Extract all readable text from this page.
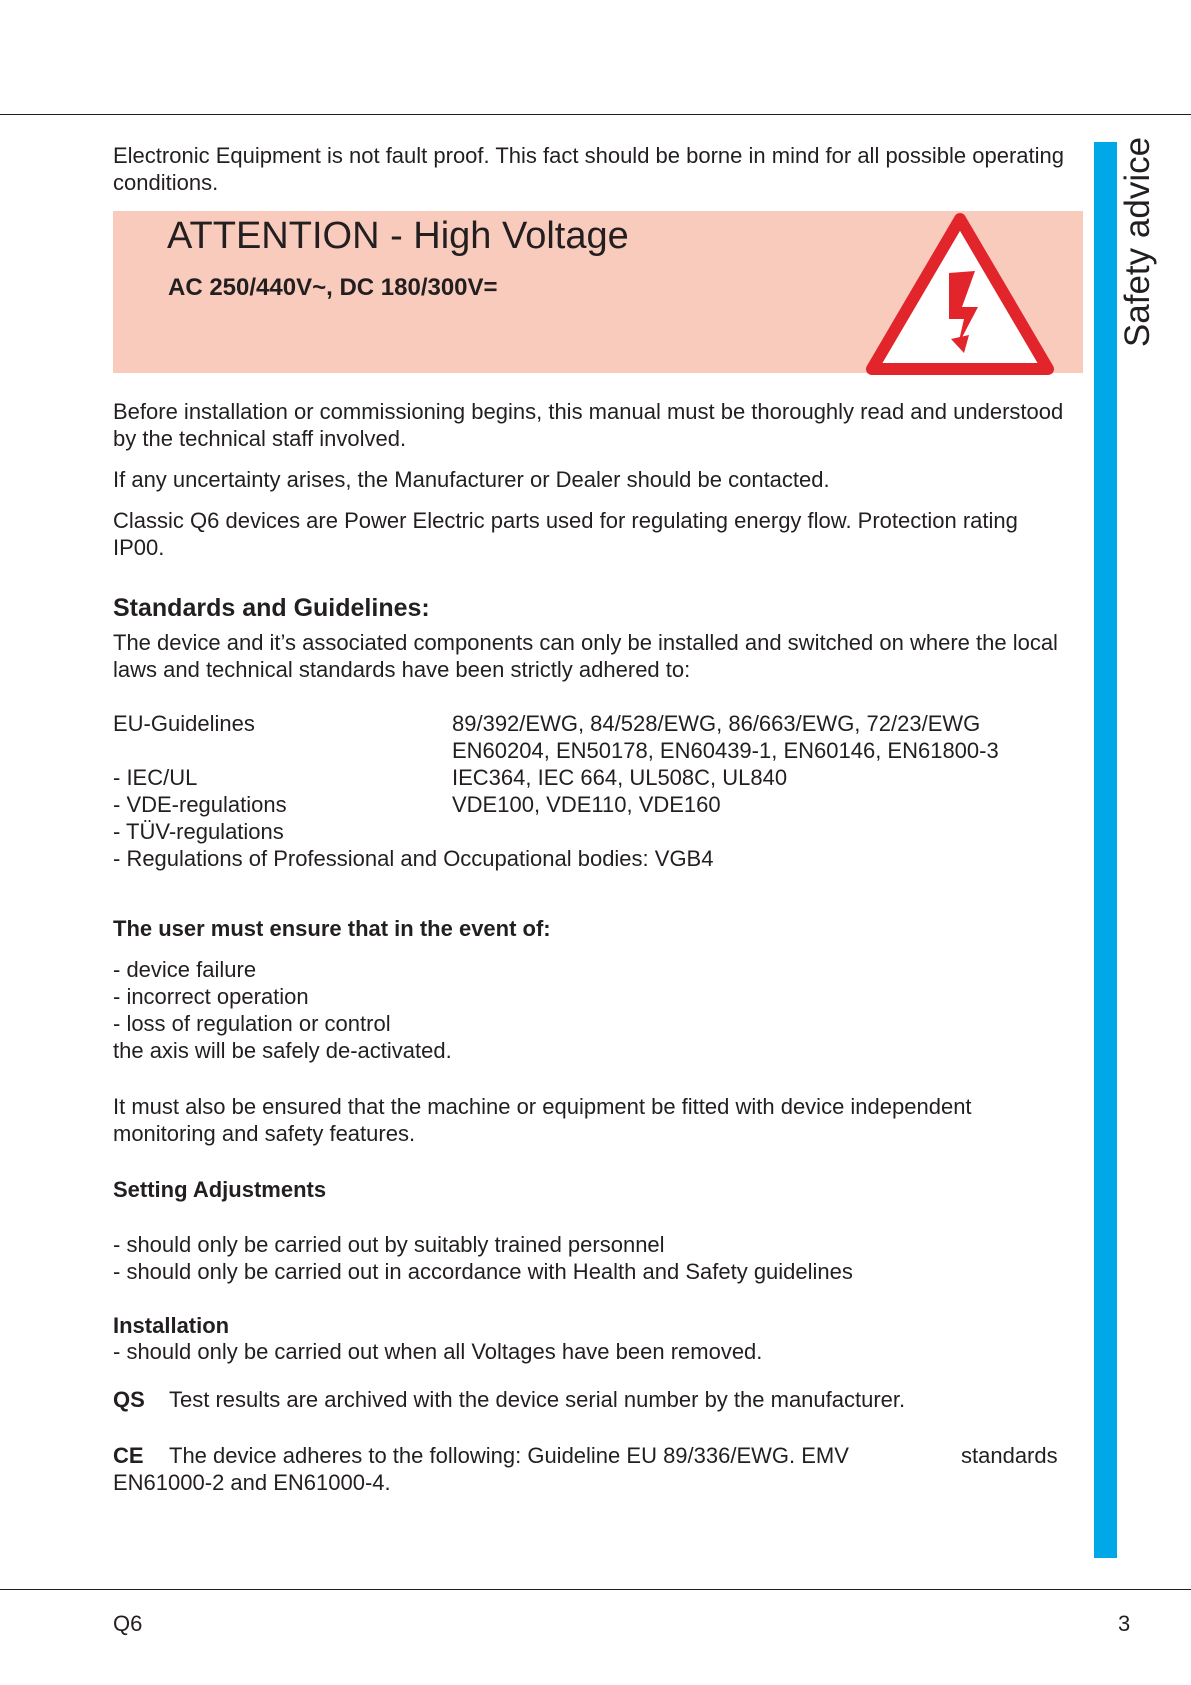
Safety advice

Electronic Equipment is not fault proof. This fact should be borne in mind for all possible operating conditions.

ATTENTION - High Voltage
AC 250/440V~, DC 180/300V=

Before installation or commissioning begins, this manual must be thoroughly read and understood by the technical staff involved.

If any uncertainty arises, the Manufacturer or Dealer should be contacted.

Classic Q6 devices are Power Electric parts used for regulating energy flow. Protection rating IP00.

Standards and Guidelines:

The device and it’s associated components can only be installed and switched on where the local laws and technical standards have been strictly adhered to:

EU-Guidelines	89/392/EWG, 84/528/EWG, 86/663/EWG, 72/23/EWG
EN60204, EN50178, EN60439-1, EN60146, EN61800-3
- IEC/UL	IEC364, IEC 664, UL508C, UL840
- VDE-regulations	VDE100, VDE110, VDE160
- TÜV-regulations
- Regulations of Professional and Occupational bodies: VGB4
The user must ensure that in the event of:
- device failure
- incorrect operation
- loss of regulation or control
the axis will be safely de-activated.

It must also be ensured that the machine or equipment be fitted with device independent monitoring and safety features.

Setting Adjustments
- should only be carried out by suitably trained personnel
- should only be carried out in accordance with Health and Safety guidelines
Installation
- should only be carried out when all Voltages have been removed.
QS Test results are archived with the device serial number by the manufacturer.
CE The device adheres to the following: Guideline EU 89/336/EWG. EMV	standards
EN61000-2 and EN61000-4.
Q6	3
